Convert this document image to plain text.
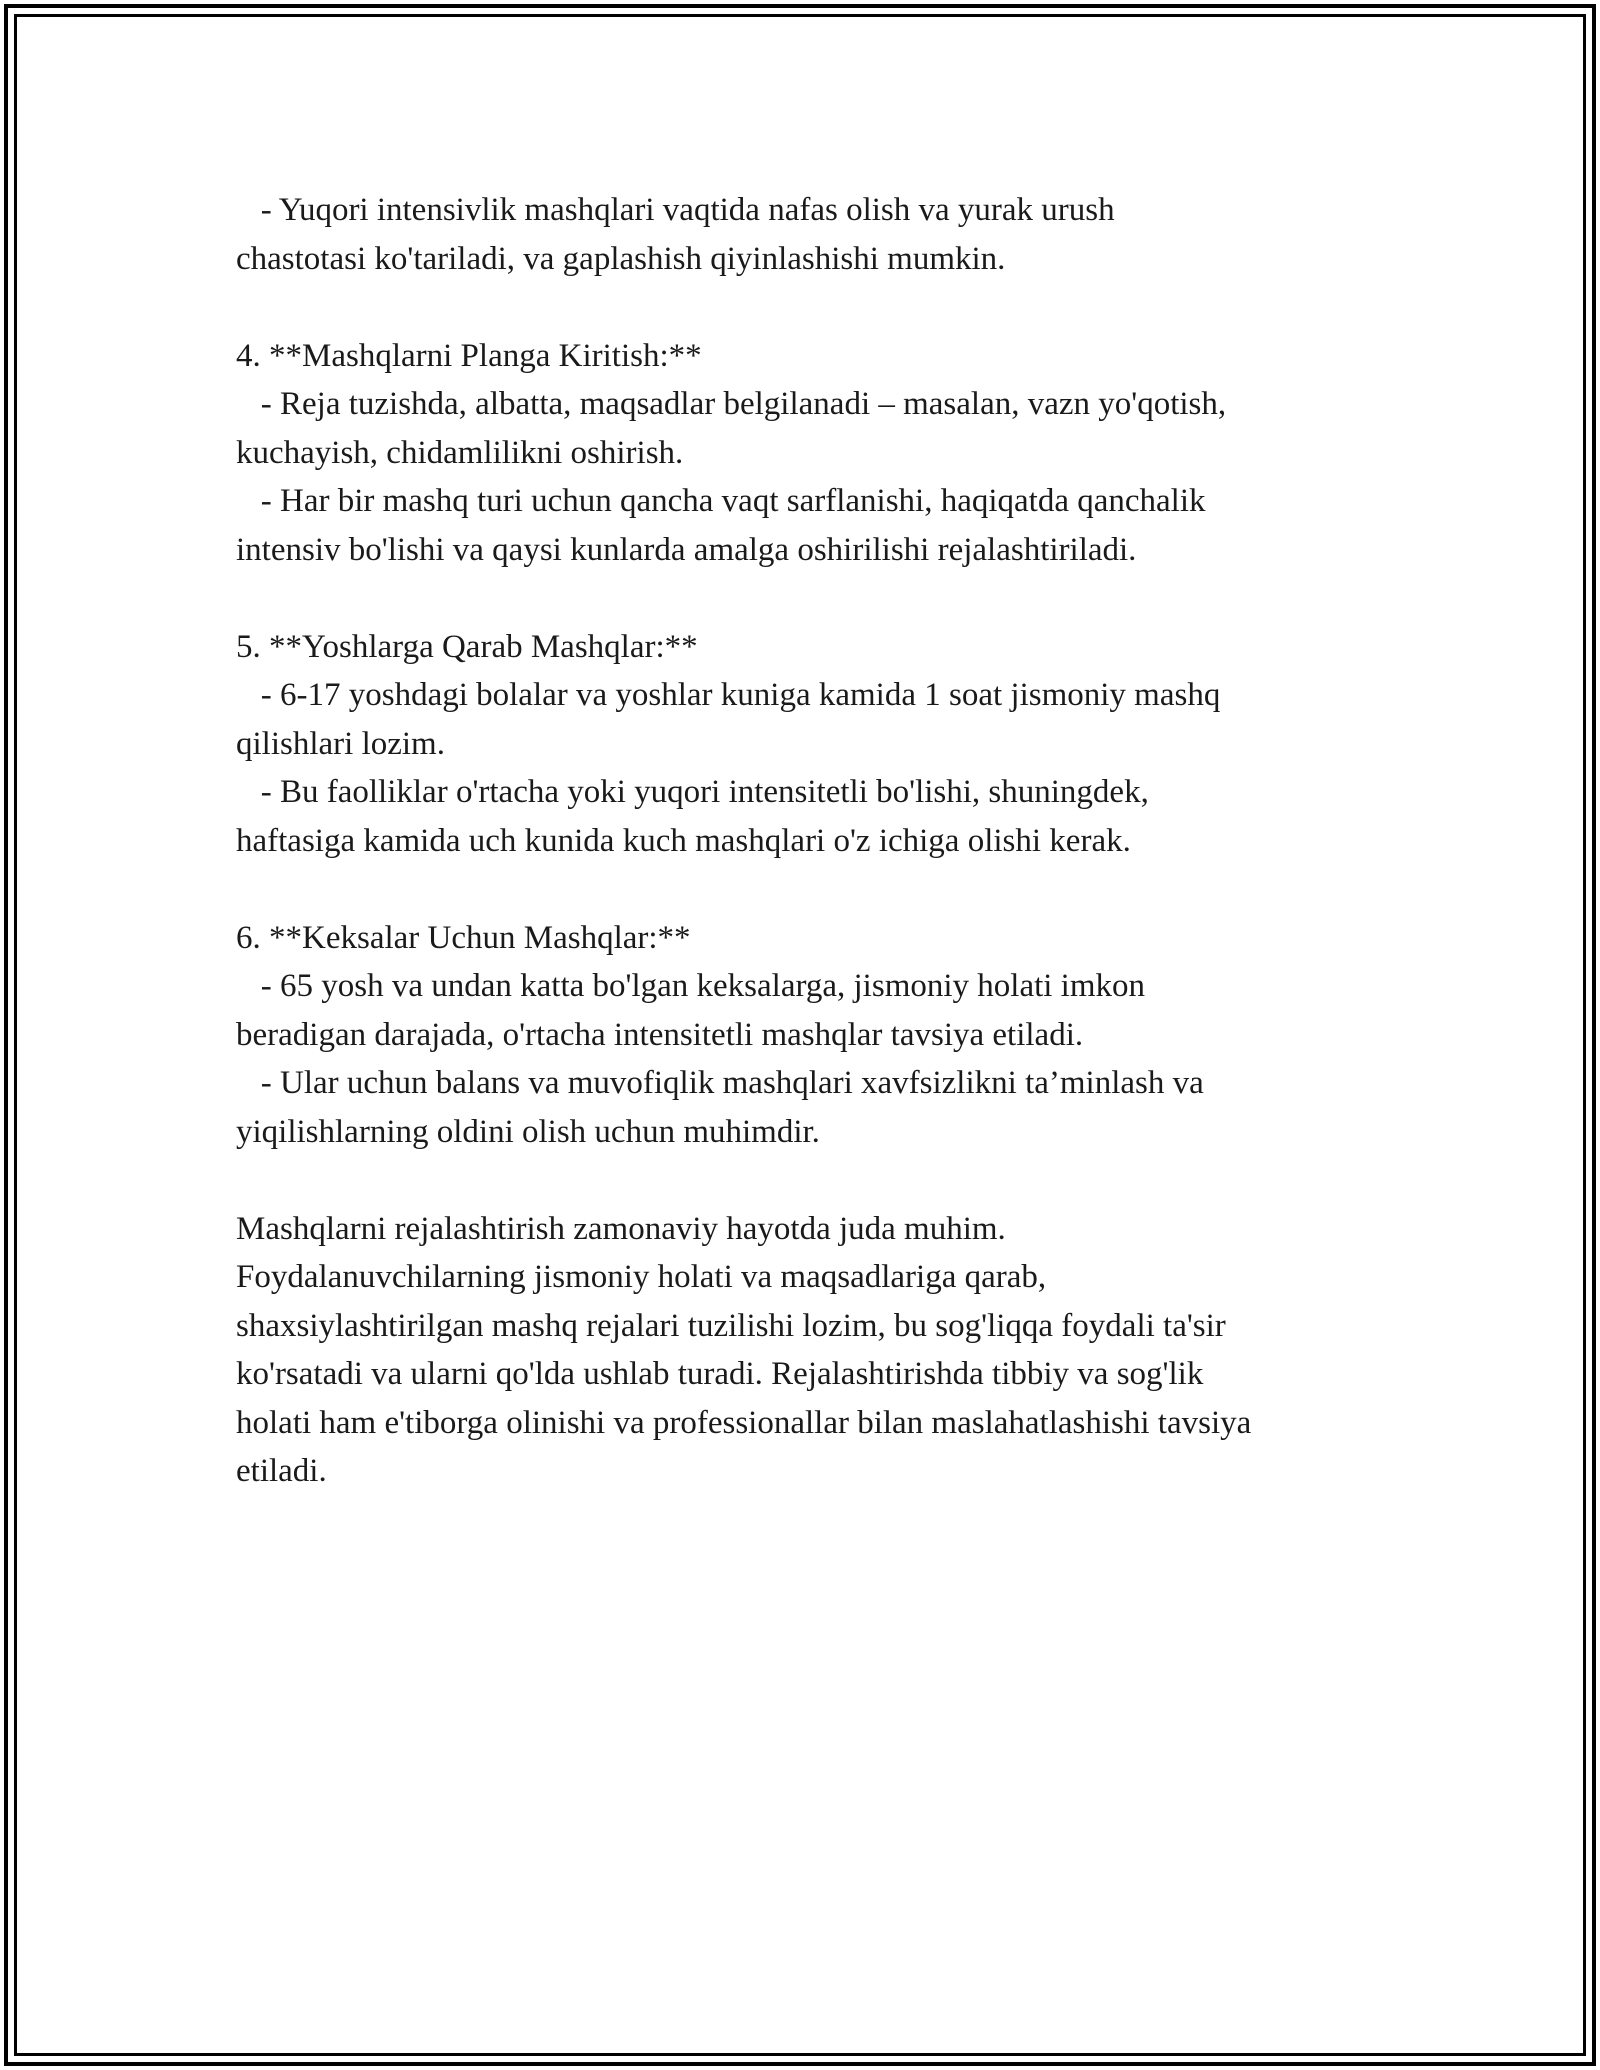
- Yuqori intensivlik mashqlari vaqtida nafas olish va yurak urush

chastotasi ko'tariladi, va gaplashish qiyinlashishi mumkin.

4. **Mashqlarni Planga Kiritish:**

- Reja tuzishda, albatta, maqsadlar belgilanadi – masalan, vazn yo'qotish,

kuchayish, chidamlilikni oshirish.

- Har bir mashq turi uchun qancha vaqt sarflanishi, haqiqatda qanchalik

intensiv bo'lishi va qaysi kunlarda amalga oshirilishi rejalashtiriladi.

5. **Yoshlarga Qarab Mashqlar:**

- 6-17 yoshdagi bolalar va yoshlar kuniga kamida 1 soat jismoniy mashq

qilishlari lozim.

- Bu faolliklar o'rtacha yoki yuqori intensitetli bo'lishi, shuningdek,

haftasiga kamida uch kunida kuch mashqlari o'z ichiga olishi kerak.

6. **Keksalar Uchun Mashqlar:**

- 65 yosh va undan katta bo'lgan keksalarga, jismoniy holati imkon

beradigan darajada, o'rtacha intensitetli mashqlar tavsiya etiladi.

- Ular uchun balans va muvofiqlik mashqlari xavfsizlikni ta’minlash va

yiqilishlarning oldini olish uchun muhimdir.

Mashqlarni rejalashtirish zamonaviy hayotda juda muhim.

Foydalanuvchilarning jismoniy holati va maqsadlariga qarab,

shaxsiylashtirilgan mashq rejalari tuzilishi lozim, bu sog'liqqa foydali ta'sir

ko'rsatadi va ularni qo'lda ushlab turadi. Rejalashtirishda tibbiy va sog'lik

holati ham e'tiborga olinishi va professionallar bilan maslahatlashishi tavsiya

etiladi.
